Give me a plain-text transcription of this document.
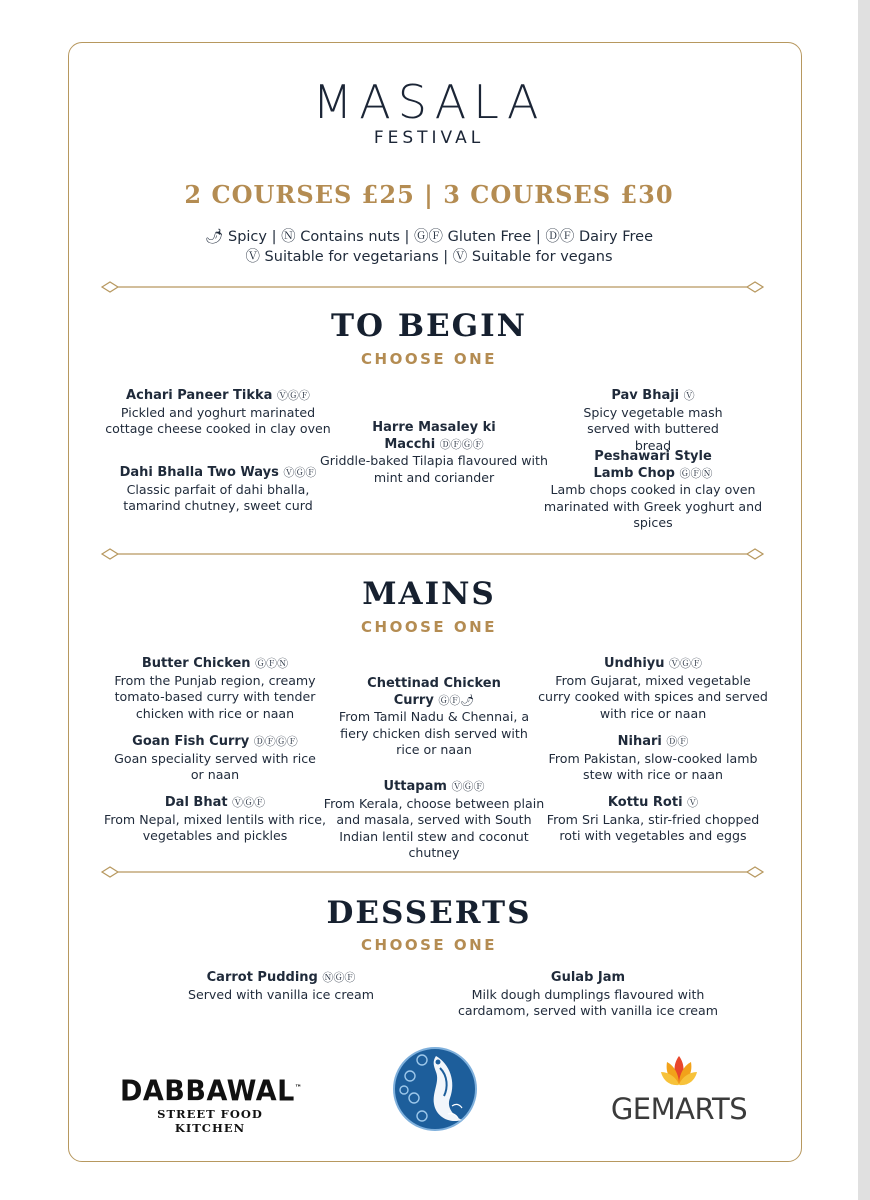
MASALA
FESTIVAL
2 COURSES £25 | 3 COURSES £30
🌶 Spicy | Ⓝ Contains nuts | ⒼⒻ Gluten Free | ⒹⒻ Dairy Free
Ⓥ Suitable for vegetarians | Ⓥ Suitable for vegans
TO BEGIN
CHOOSE ONE
Achari Paneer Tikka ⓋⒼⒻ
Pickled and yoghurt marinated cottage cheese cooked in clay oven
Dahi Bhalla Two Ways ⓋⒼⒻ
Classic parfait of dahi bhalla, tamarind chutney, sweet curd
Harre Masaley ki Macchi ⒹⒻⒼⒻ
Griddle-baked Tilapia flavoured with mint and coriander
Pav Bhaji Ⓥ
Spicy vegetable mash served with buttered bread
Peshawari Style Lamb Chop ⒼⒻⓃ
Lamb chops cooked in clay oven marinated with Greek yoghurt and spices
MAINS
CHOOSE ONE
Butter Chicken ⒼⒻⓃ
From the Punjab region, creamy tomato-based curry with tender chicken with rice or naan
Goan Fish Curry ⒹⒻⒼⒻ
Goan speciality served with rice or naan
Dal Bhat ⓋⒼⒻ
From Nepal, mixed lentils with rice, vegetables and pickles
Chettinad Chicken Curry ⒼⒻ🌶
From Tamil Nadu & Chennai, a fiery chicken dish served with rice or naan
Uttapam ⓋⒼⒻ
From Kerala, choose between plain and masala, served with South Indian lentil stew and coconut chutney
Undhiyu ⓋⒼⒻ
From Gujarat, mixed vegetable curry cooked with spices and served with rice or naan
Nihari ⒹⒻ
From Pakistan, slow-cooked lamb stew with rice or naan
Kottu Roti Ⓥ
From Sri Lanka, stir-fried chopped roti with vegetables and eggs
DESSERTS
CHOOSE ONE
Carrot Pudding ⓃⒼⒻ
Served with vanilla ice cream
Gulab Jam
Milk dough dumplings flavoured with cardamom, served with vanilla ice cream
DABBAWAL™
STREET FOOD KITCHEN
GEMARTS
